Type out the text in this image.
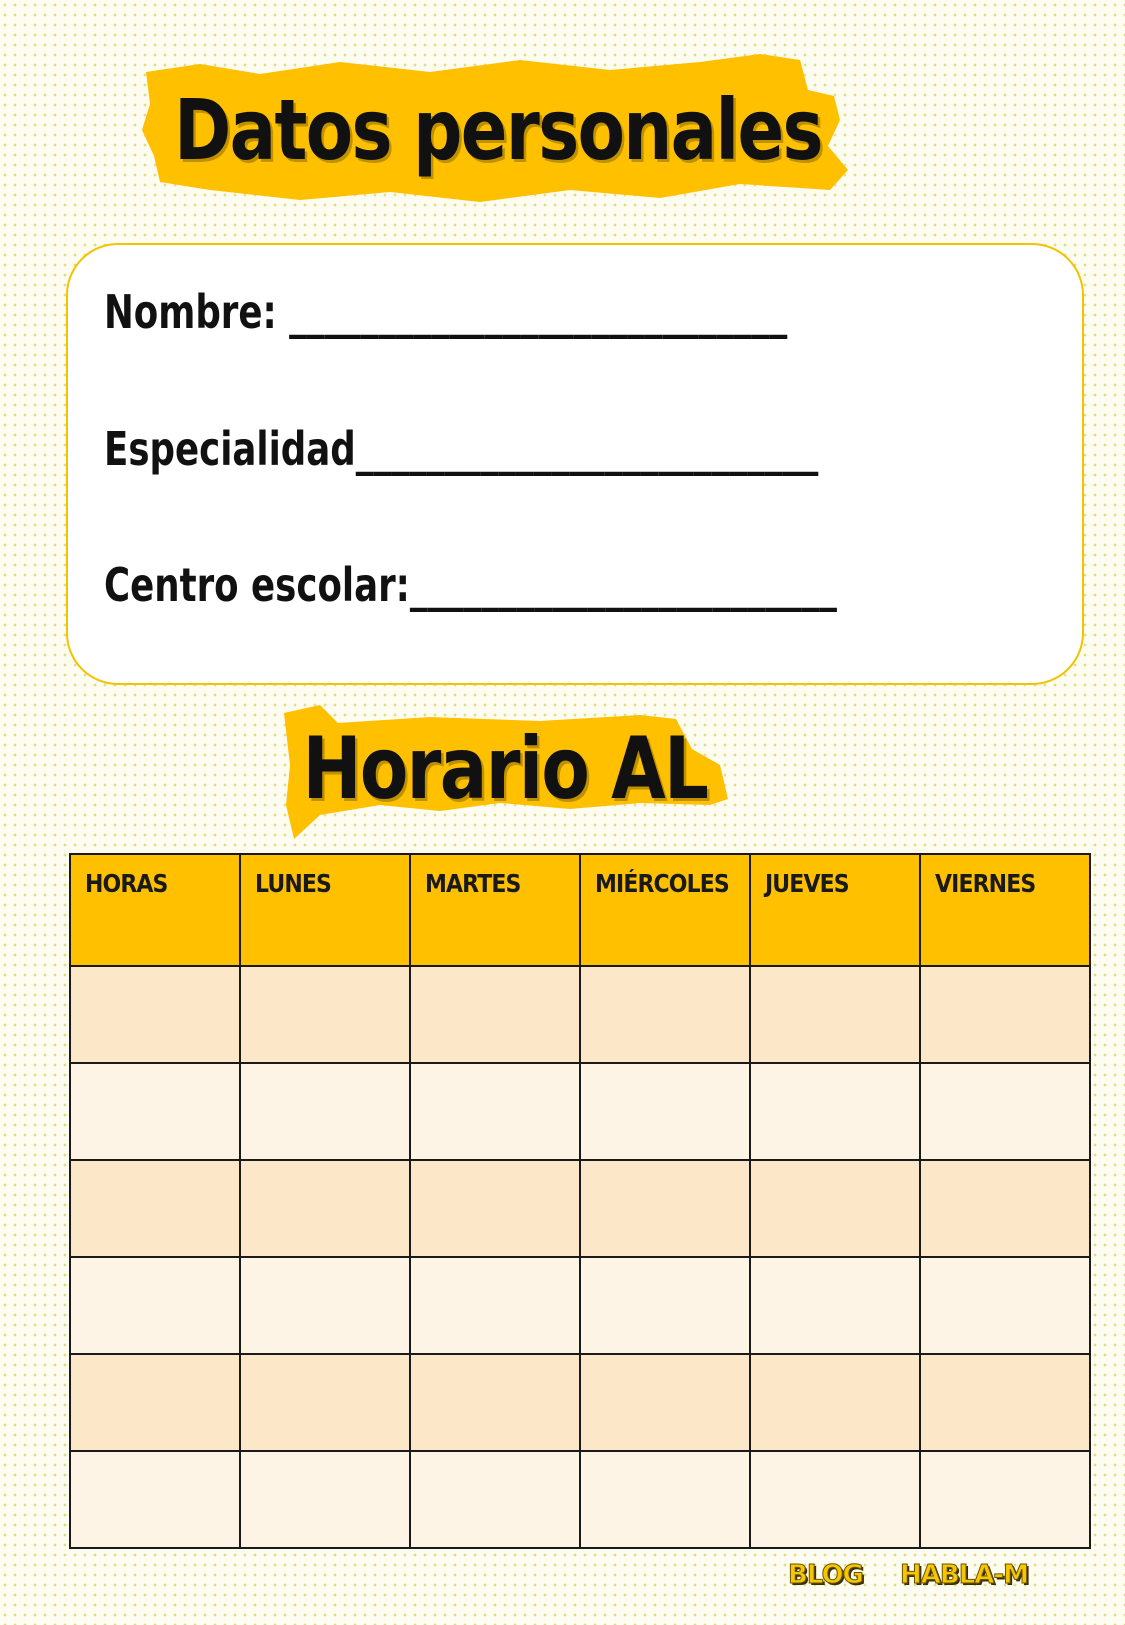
Datos personales
Nombre: ____________________________
Especialidad__________________________
Centro escolar:________________________
Horario AL
HORAS	LUNES	MARTES	MIÉRCOLES	JUEVES	VIERNES

BLOG HABLA-M
